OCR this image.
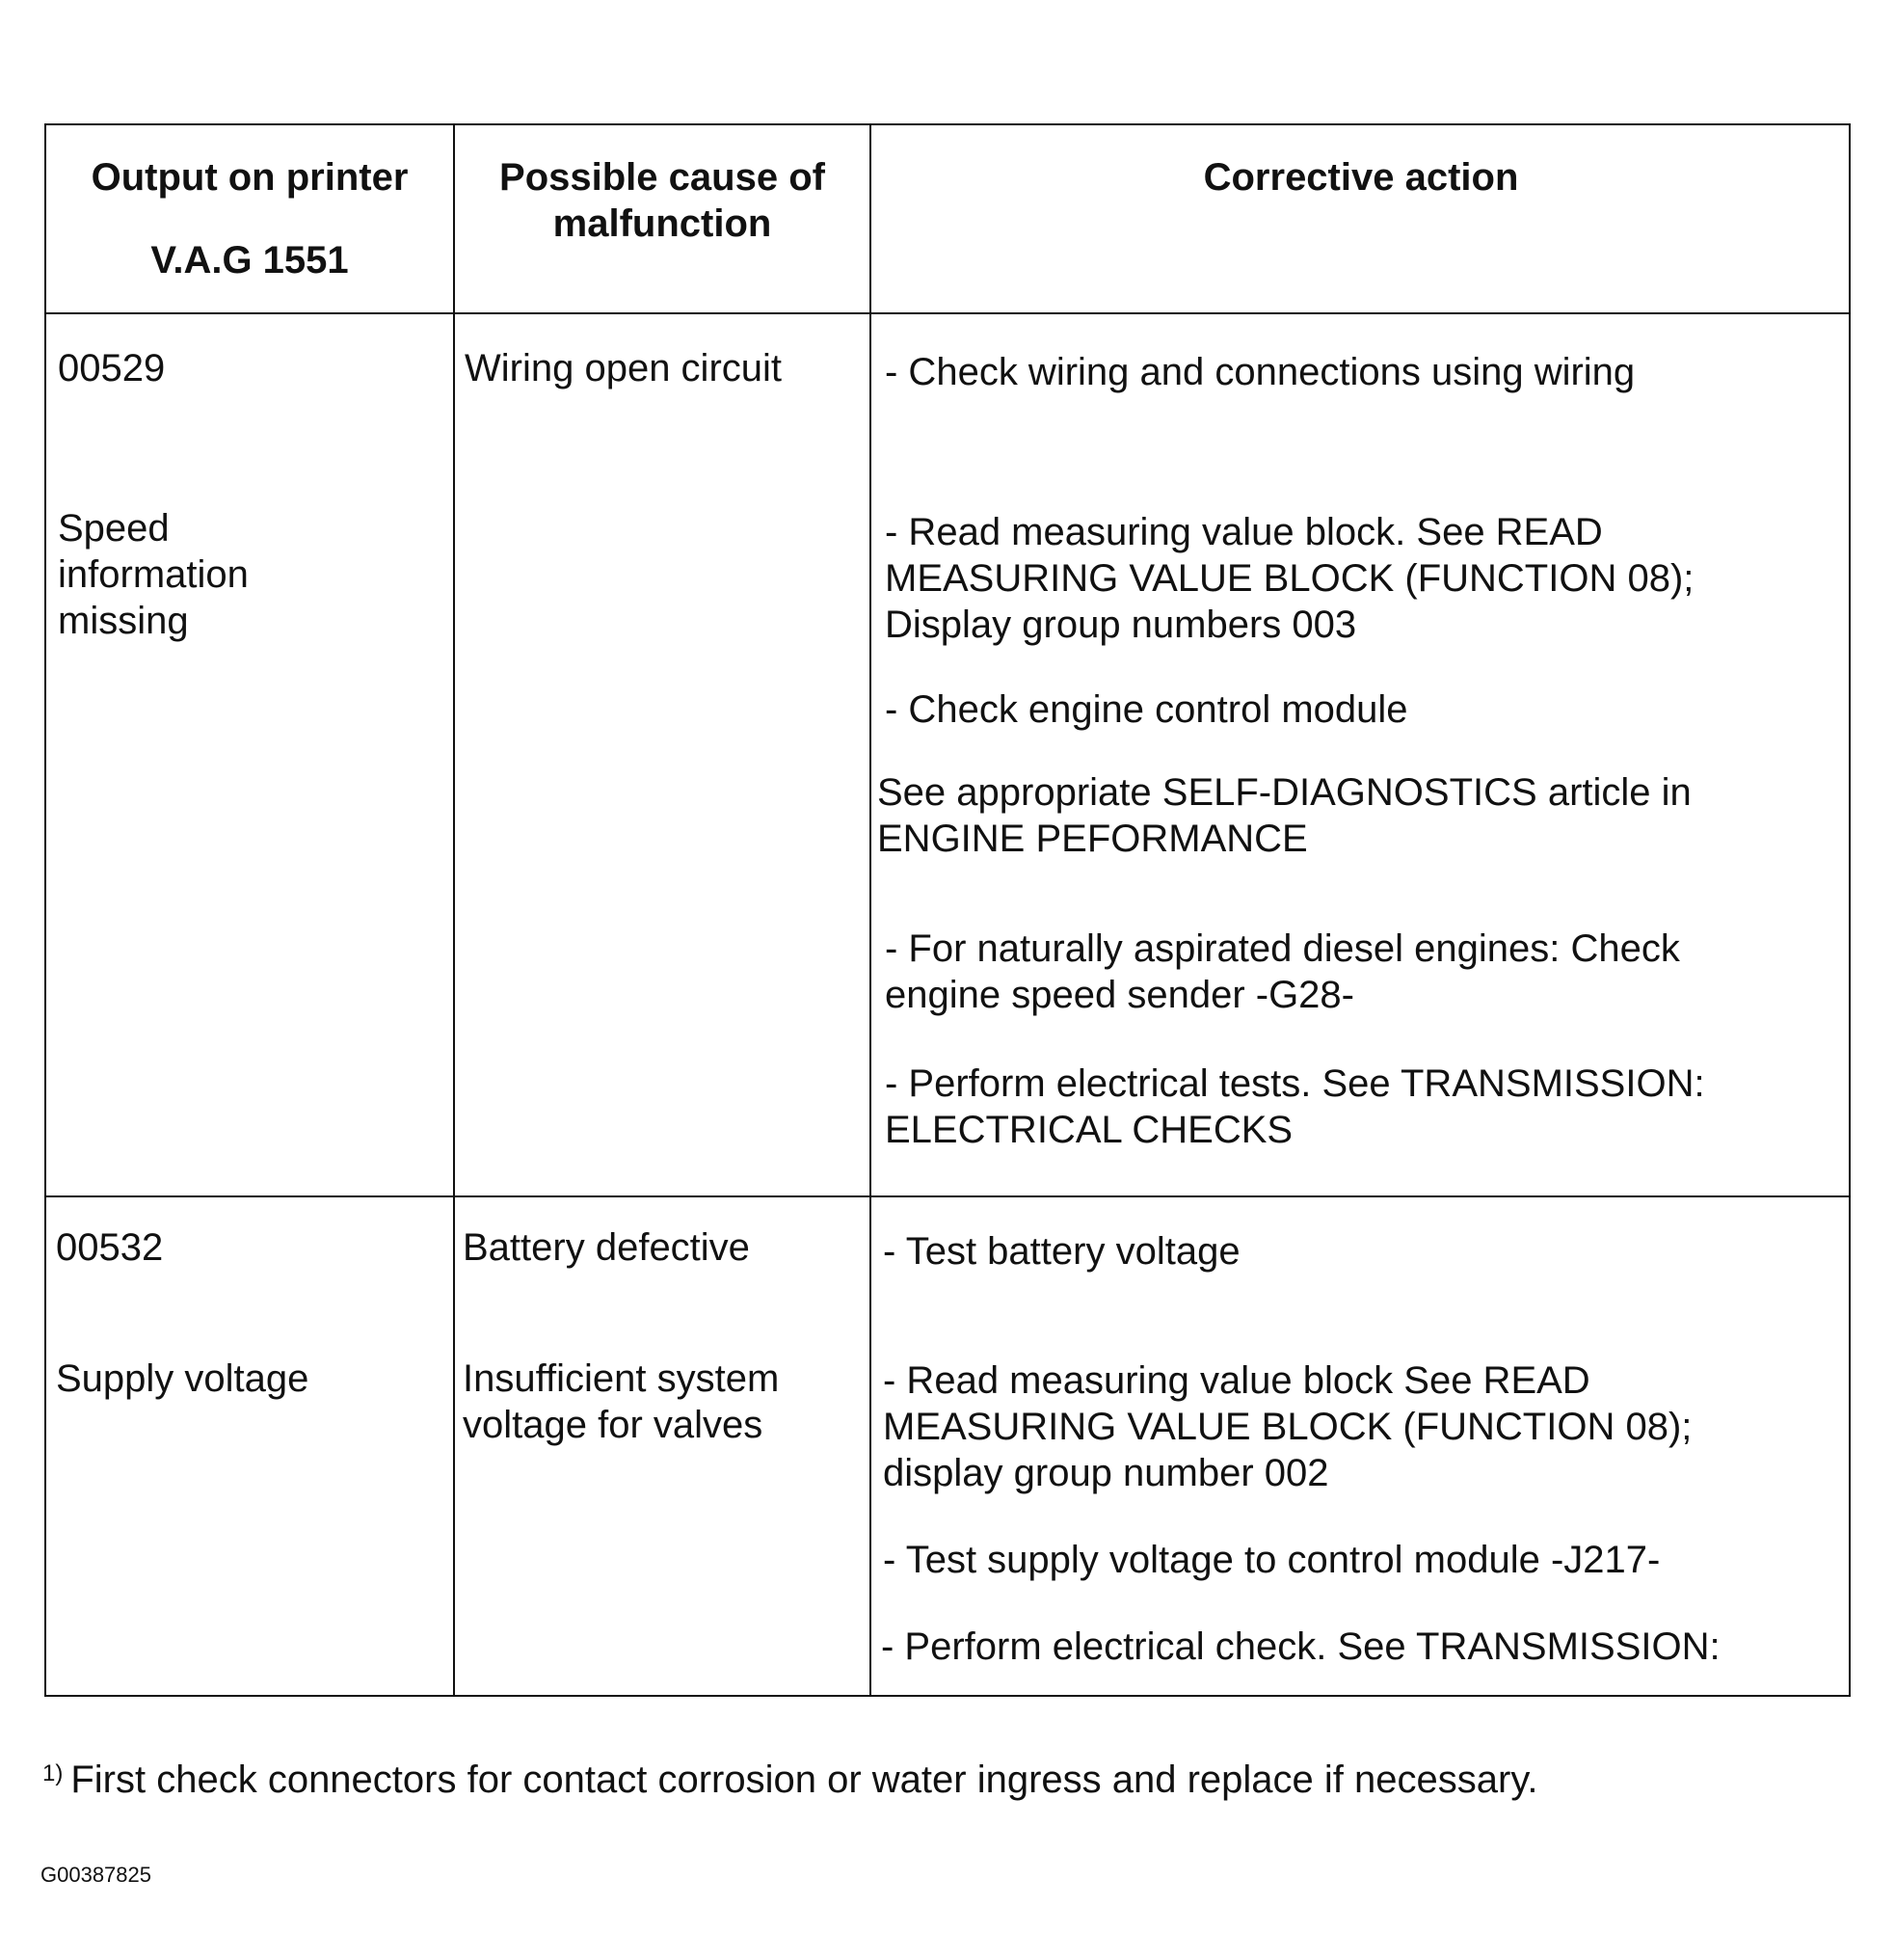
Output on printer
V.A.G 1551
Possible cause of
malfunction
Corrective action
00529
Speed
information
missing
Wiring open circuit	- Check wiring and connections using wiring
- Read measuring value block. See READ
MEASURING VALUE BLOCK (FUNCTION 08);
Display group numbers 003
- Check engine control module
See appropriate SELF-DIAGNOSTICS article in
ENGINE PEFORMANCE
- For naturally aspirated diesel engines: Check
engine speed sender -G28-
- Perform electrical tests. See TRANSMISSION:
ELECTRICAL CHECKS
00532
Supply voltage
Battery defective
Insufficient system
voltage for valves
- Test battery voltage
- Read measuring value block See READ
MEASURING VALUE BLOCK (FUNCTION 08);
display group number 002
- Test supply voltage to control module -J217-
- Perform electrical check. See TRANSMISSION:
$^{1)}$ First check connectors for contact corrosion or water ingress and replace if necessary.
G00387825
